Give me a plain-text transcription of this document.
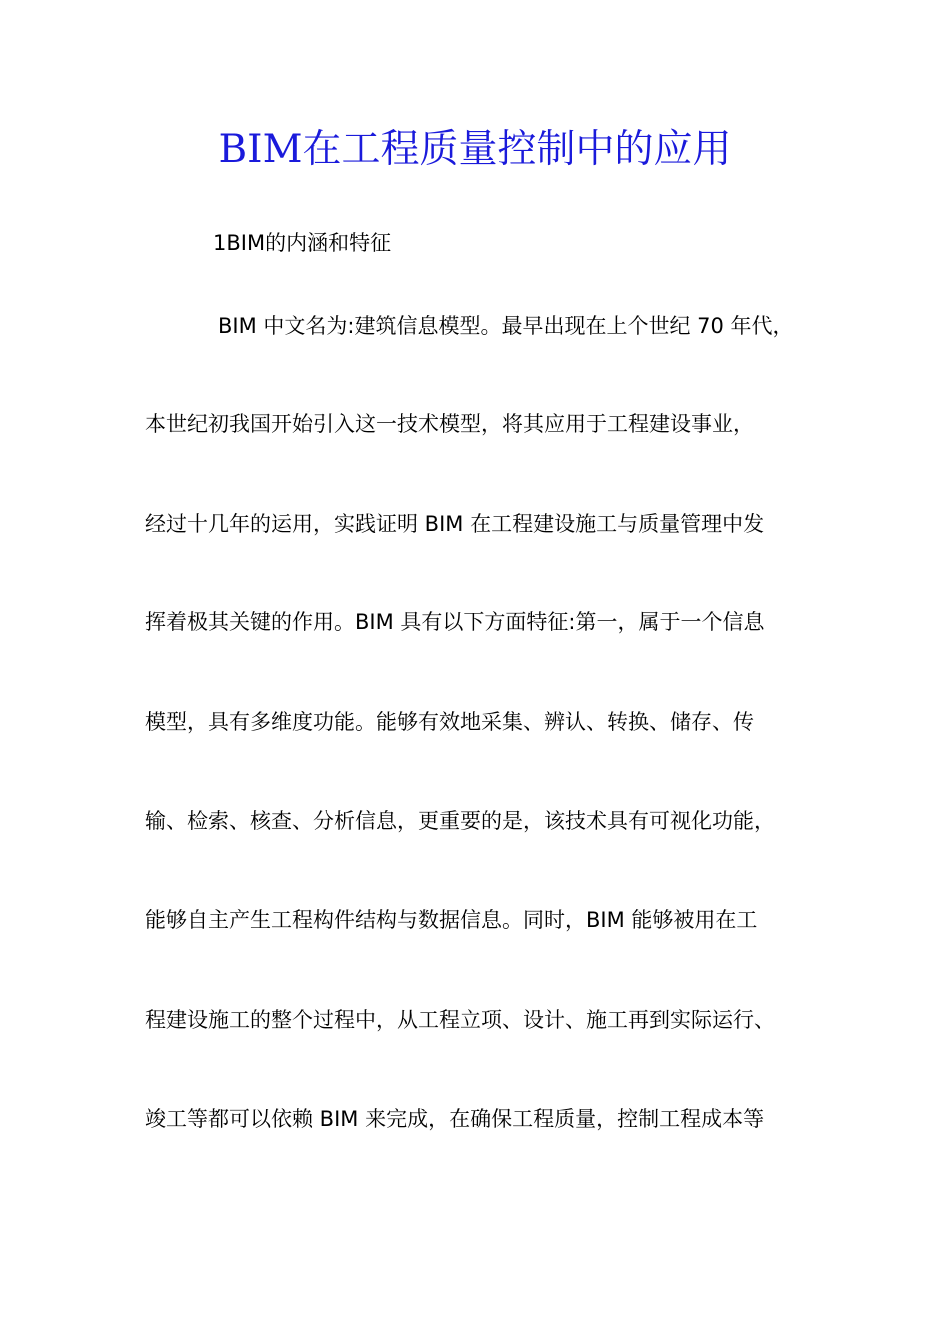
BIM在工程质量控制中的应用
1BIM的内涵和特征

BIM 中文名为:建筑信息模型。最早出现在上个世纪 70 年代，

本世纪初我国开始引入这一技术模型，将其应用于工程建设事业，

经过十几年的运用，实践证明 BIM 在工程建设施工与质量管理中发

挥着极其关键的作用。BIM 具有以下方面特征:第一，属于一个信息

模型，具有多维度功能。能够有效地采集、辨认、转换、储存、传

输、检索、核查、分析信息，更重要的是，该技术具有可视化功能，

能够自主产生工程构件结构与数据信息。同时，BIM 能够被用在工

程建设施工的整个过程中，从工程立项、设计、施工再到实际运行、

竣工等都可以依赖 BIM 来完成，在确保工程质量，控制工程成本等
